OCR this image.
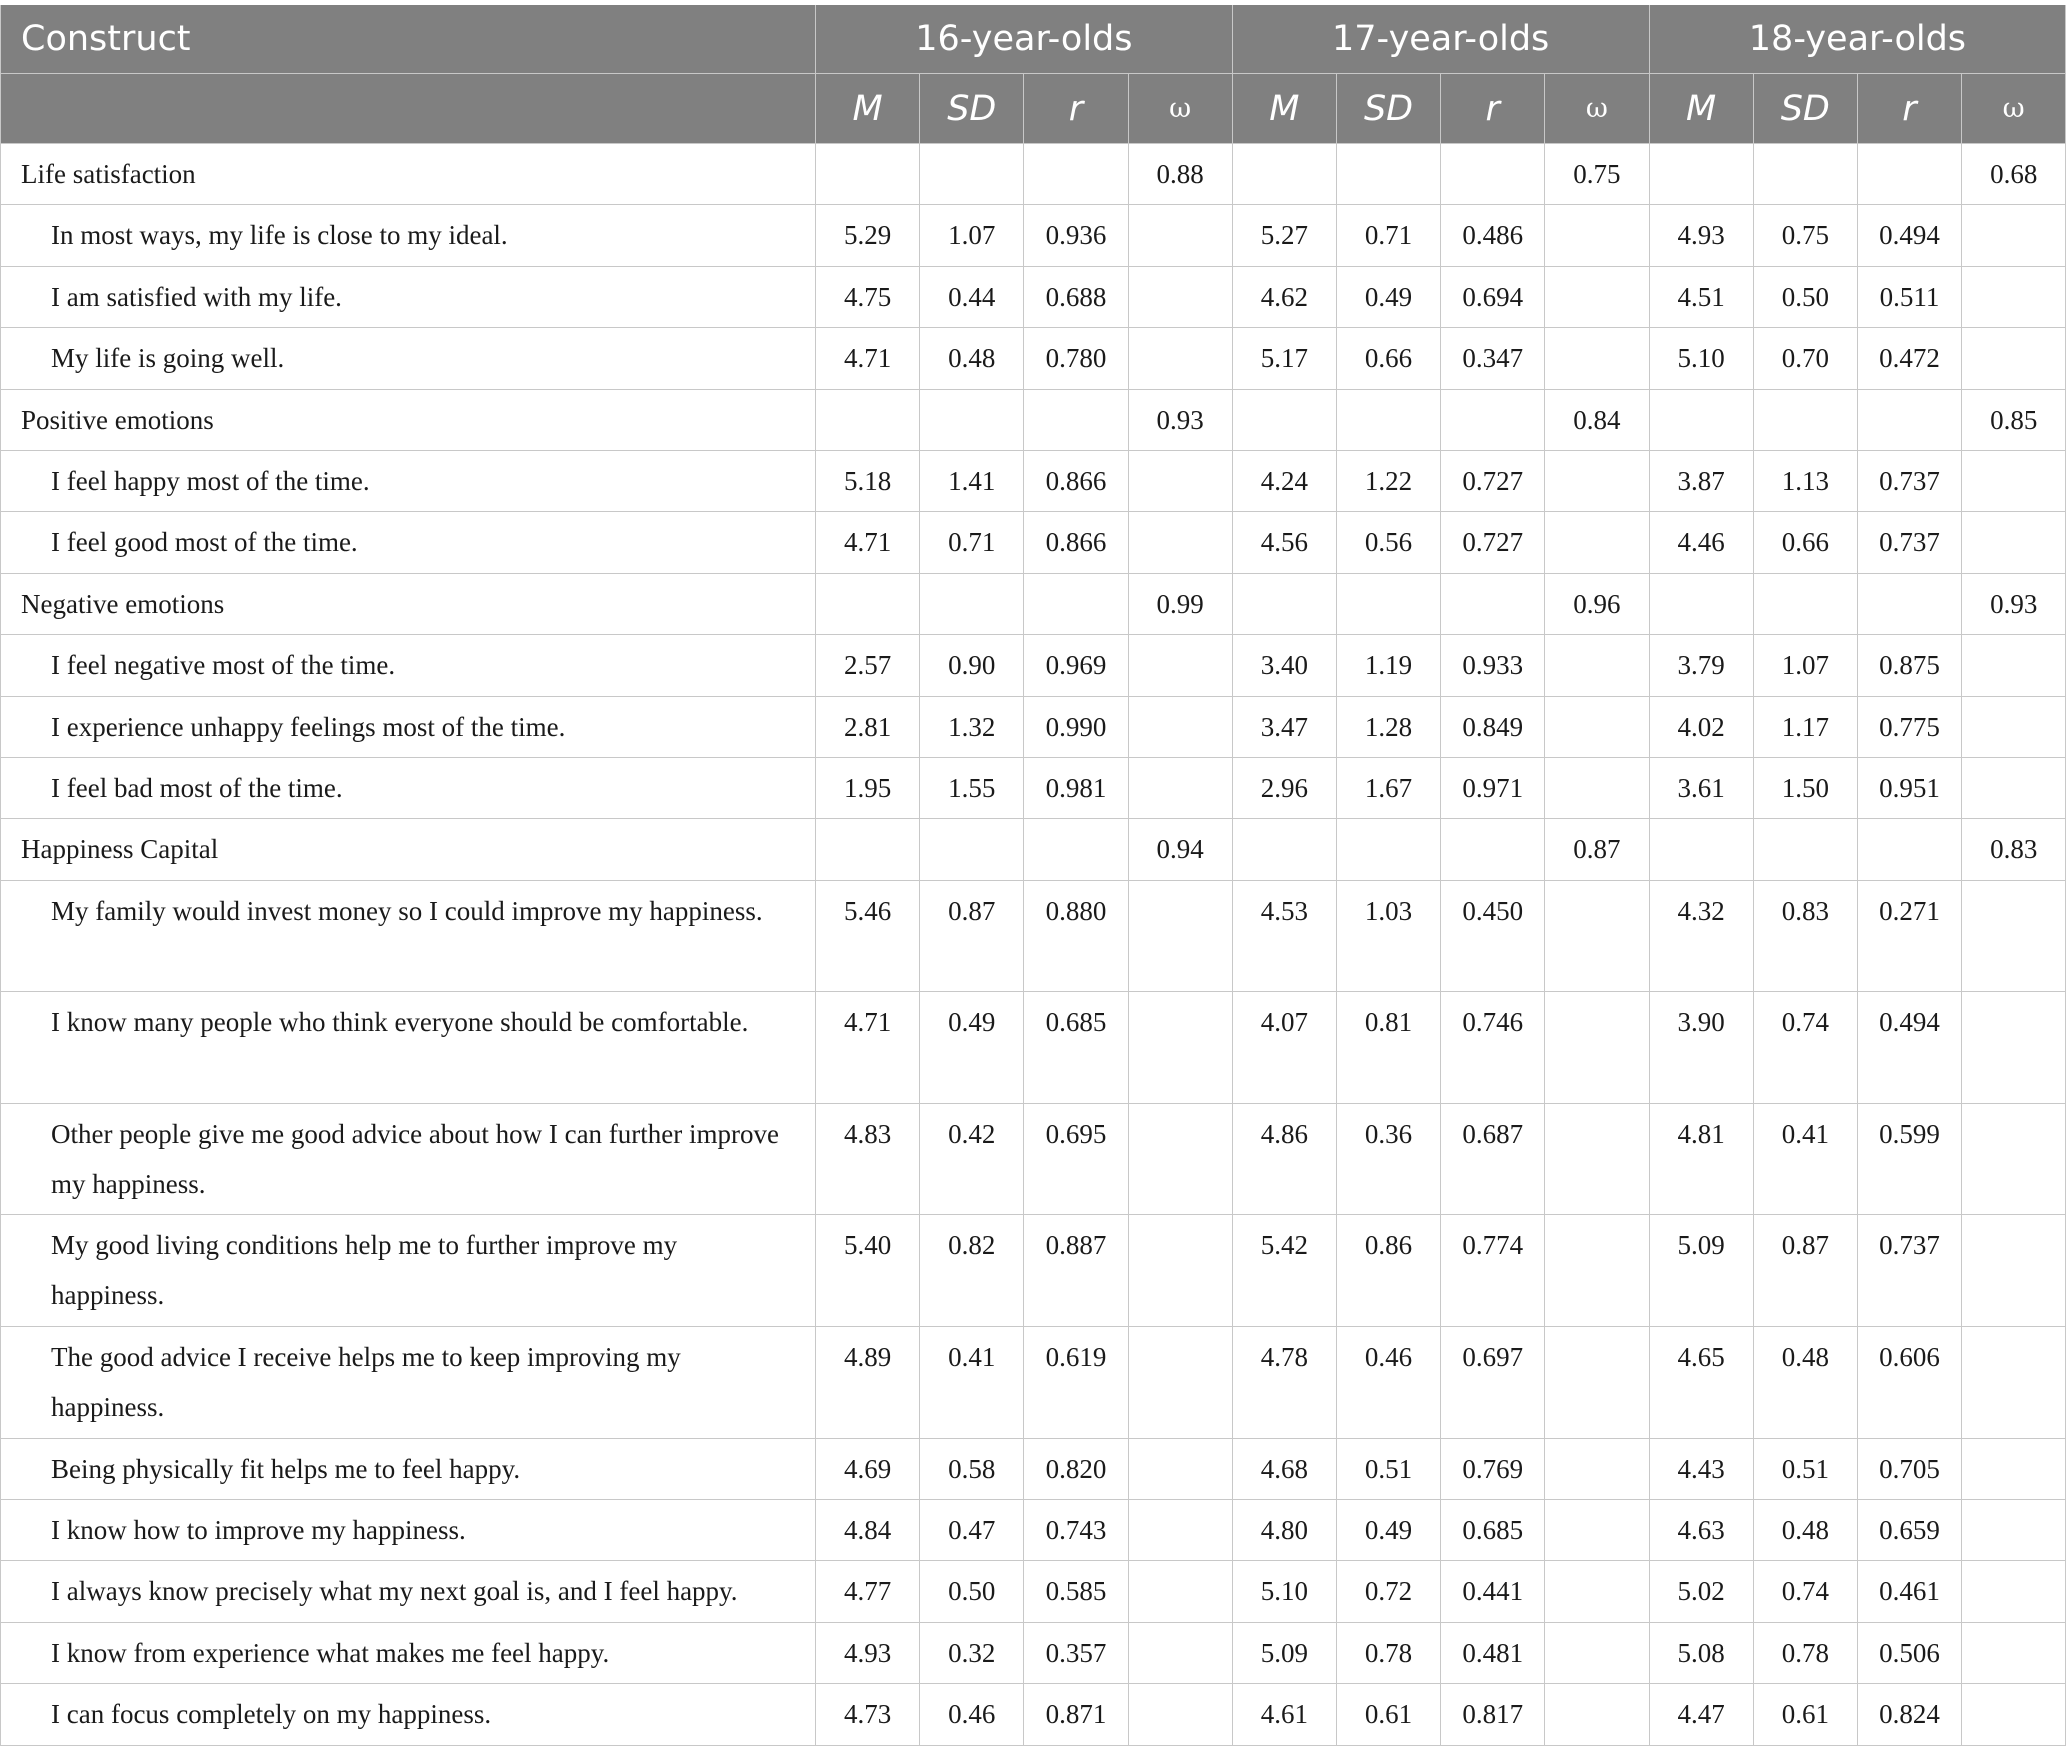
Construct	16-year-olds				17-year-olds				18-year-olds			
	M	SD	r	ω	M	SD	r	ω	M	SD	r	ω
Life satisfaction				0.88				0.75				0.68
In most ways, my life is close to my ideal.	5.29	1.07	0.936		5.27	0.71	0.486		4.93	0.75	0.494	
I am satisfied with my life.	4.75	0.44	0.688		4.62	0.49	0.694		4.51	0.50	0.511	
My life is going well.	4.71	0.48	0.780		5.17	0.66	0.347		5.10	0.70	0.472	
Positive emotions				0.93				0.84				0.85
I feel happy most of the time.	5.18	1.41	0.866		4.24	1.22	0.727		3.87	1.13	0.737	
I feel good most of the time.	4.71	0.71	0.866		4.56	0.56	0.727		4.46	0.66	0.737	
Negative emotions				0.99				0.96				0.93
I feel negative most of the time.	2.57	0.90	0.969		3.40	1.19	0.933		3.79	1.07	0.875	
I experience unhappy feelings most of the time.	2.81	1.32	0.990		3.47	1.28	0.849		4.02	1.17	0.775	
I feel bad most of the time.	1.95	1.55	0.981		2.96	1.67	0.971		3.61	1.50	0.951	
Happiness Capital				0.94				0.87				0.83
My family would invest money so I could improve my happiness.	5.46	0.87	0.880		4.53	1.03	0.450		4.32	0.83	0.271	
I know many people who think everyone should be comfortable.	4.71	0.49	0.685		4.07	0.81	0.746		3.90	0.74	0.494	
Other people give me good advice about how I can further improve my happiness.	4.83	0.42	0.695		4.86	0.36	0.687		4.81	0.41	0.599	
My good living conditions help me to further improve my happiness.	5.40	0.82	0.887		5.42	0.86	0.774		5.09	0.87	0.737	
The good advice I receive helps me to keep improving my happiness.	4.89	0.41	0.619		4.78	0.46	0.697		4.65	0.48	0.606	
Being physically fit helps me to feel happy.	4.69	0.58	0.820		4.68	0.51	0.769		4.43	0.51	0.705	
I know how to improve my happiness.	4.84	0.47	0.743		4.80	0.49	0.685		4.63	0.48	0.659	
I always know precisely what my next goal is, and I feel happy.	4.77	0.50	0.585		5.10	0.72	0.441		5.02	0.74	0.461	
I know from experience what makes me feel happy.	4.93	0.32	0.357		5.09	0.78	0.481		5.08	0.78	0.506	
I can focus completely on my happiness.	4.73	0.46	0.871		4.61	0.61	0.817		4.47	0.61	0.824	
